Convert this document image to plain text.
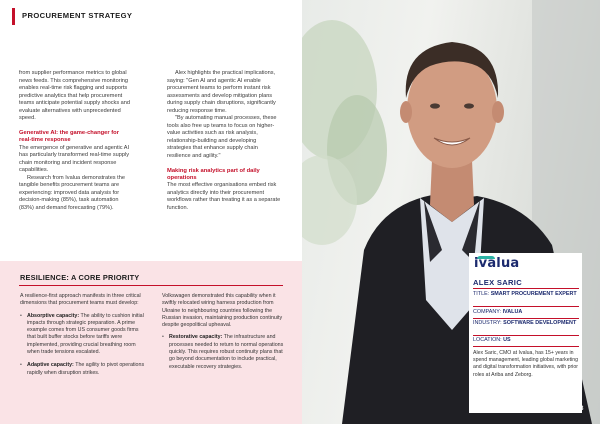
PROCUREMENT STRATEGY

from supplier performance metrics to global news feeds. This comprehensive monitoring enables real-time risk flagging and supports predictive analytics that help procurement teams anticipate potential supply shocks and evaluate alternatives with unprecedented speed.

Generative AI: the game-changer for real-time response

The emergence of generative and agentic AI has particularly transformed real-time supply chain monitoring and incident response capabilities.

Research from Ivalua demonstrates the tangible benefits procurement teams are experiencing: improved data analysis for decision-making (85%), task automation (83%) and demand forecasting (79%).

Alex highlights the practical implications, saying: "Gen AI and agentic AI enable procurement teams to perform instant risk assessments and develop mitigation plans during supply chain disruptions, significantly reducing response time.

"By automating manual processes, these tools also free up teams to focus on higher-value activities such as risk analysis, relationship-building and developing strategies that enhance supply chain resilience and agility."

Making risk analytics part of daily operations

The most effective organisations embed risk analytics directly into their procurement workflows rather than treating it as a separate function.

RESILIENCE: A CORE PRIORITY

A resilience-first approach manifests in three critical dimensions that procurement teams must develop:

• Absorptive capacity: The ability to cushion initial impacts through strategic preparation. A prime example comes from US consumer goods firms that built buffer stocks before tariffs were implemented, providing crucial breathing room when trade tensions escalated.
• Adaptive capacity: The agility to pivot operations rapidly when disruption strikes.

Volkswagen demonstrated this capability when it swiftly relocated wiring harness production from Ukraine to neighbouring countries following the Russian invasion, maintaining production continuity despite geopolitical upheaval.

• Restorative capacity: The infrastructure and processes needed to return to normal operations quickly. This requires robust continuity plans that go beyond documentation to include practical, executable recovery strategies.
ivalua
ALEX SARIC
TITLE: SMART PROCUREMENT EXPERT
COMPANY: IVALUA
INDUSTRY: SOFTWARE DEVELOPMENT
LOCATION: US
Alex Saric, CMO at Ivalua, has 15+ years in spend management, leading global marketing and digital transformation initiatives, with prior roles at Ariba and Zeborg.
procurementmag.com 143
